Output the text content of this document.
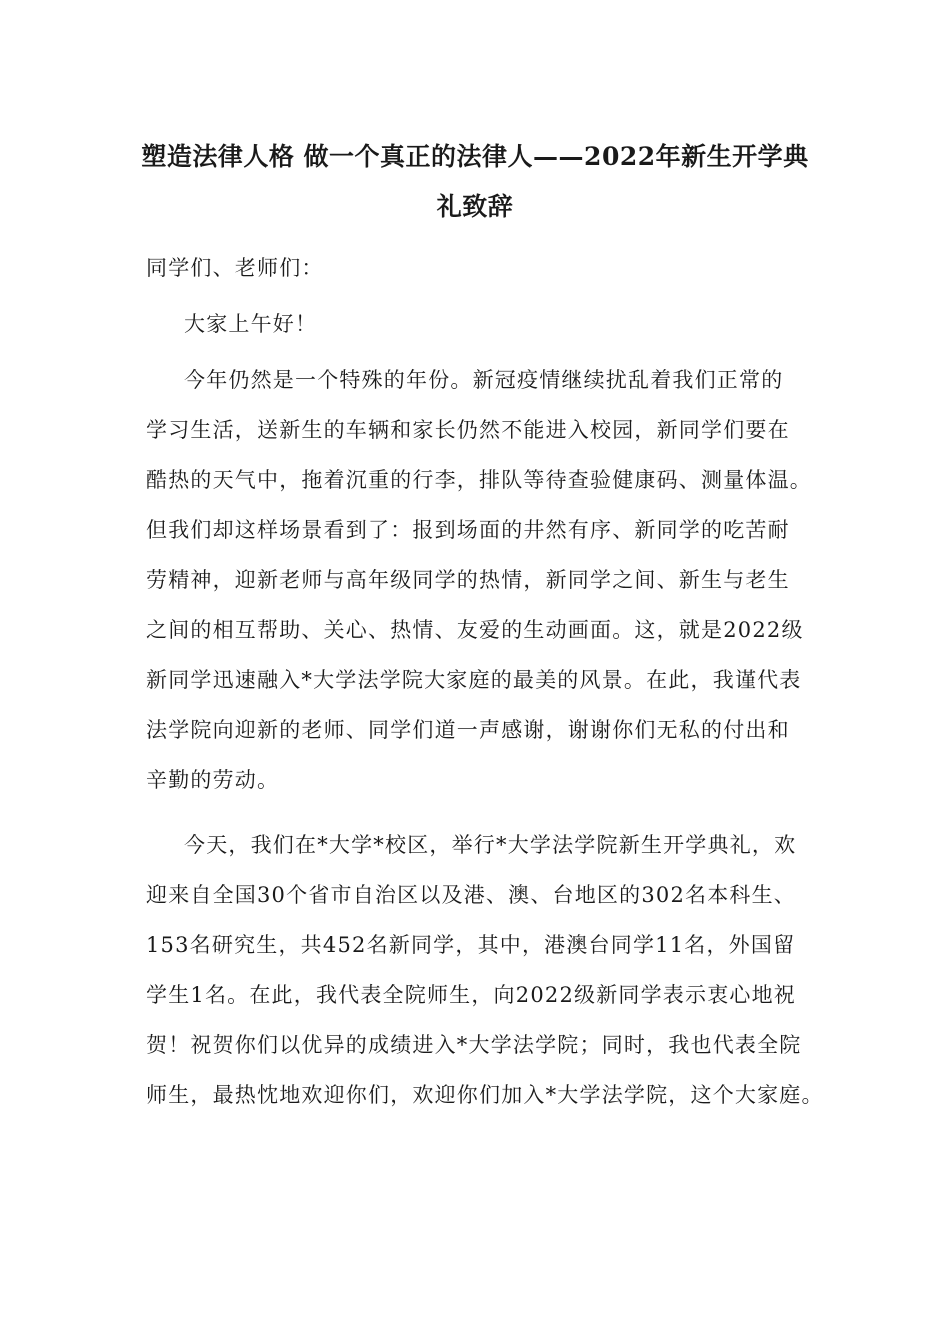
塑造法律人格 做一个真正的法律人——2022年新生开学典
礼致辞

同学们、老师们：

大家上午好！

今年仍然是一个特殊的年份。新冠疫情继续扰乱着我们正常的
学习生活，送新生的车辆和家长仍然不能进入校园，新同学们要在
酷热的天气中，拖着沉重的行李，排队等待查验健康码、测量体温。
但我们却这样场景看到了：报到场面的井然有序、新同学的吃苦耐
劳精神，迎新老师与高年级同学的热情，新同学之间、新生与老生
之间的相互帮助、关心、热情、友爱的生动画面。这，就是2022级
新同学迅速融入*大学法学院大家庭的最美的风景。在此，我谨代表
法学院向迎新的老师、同学们道一声感谢，谢谢你们无私的付出和
辛勤的劳动。

今天，我们在*大学*校区，举行*大学法学院新生开学典礼，欢
迎来自全国30个省市自治区以及港、澳、台地区的302名本科生、
153名研究生，共452名新同学，其中，港澳台同学11名，外国留
学生1名。在此，我代表全院师生，向2022级新同学表示衷心地祝
贺！祝贺你们以优异的成绩进入*大学法学院；同时，我也代表全院
师生，最热忱地欢迎你们，欢迎你们加入*大学法学院，这个大家庭。
